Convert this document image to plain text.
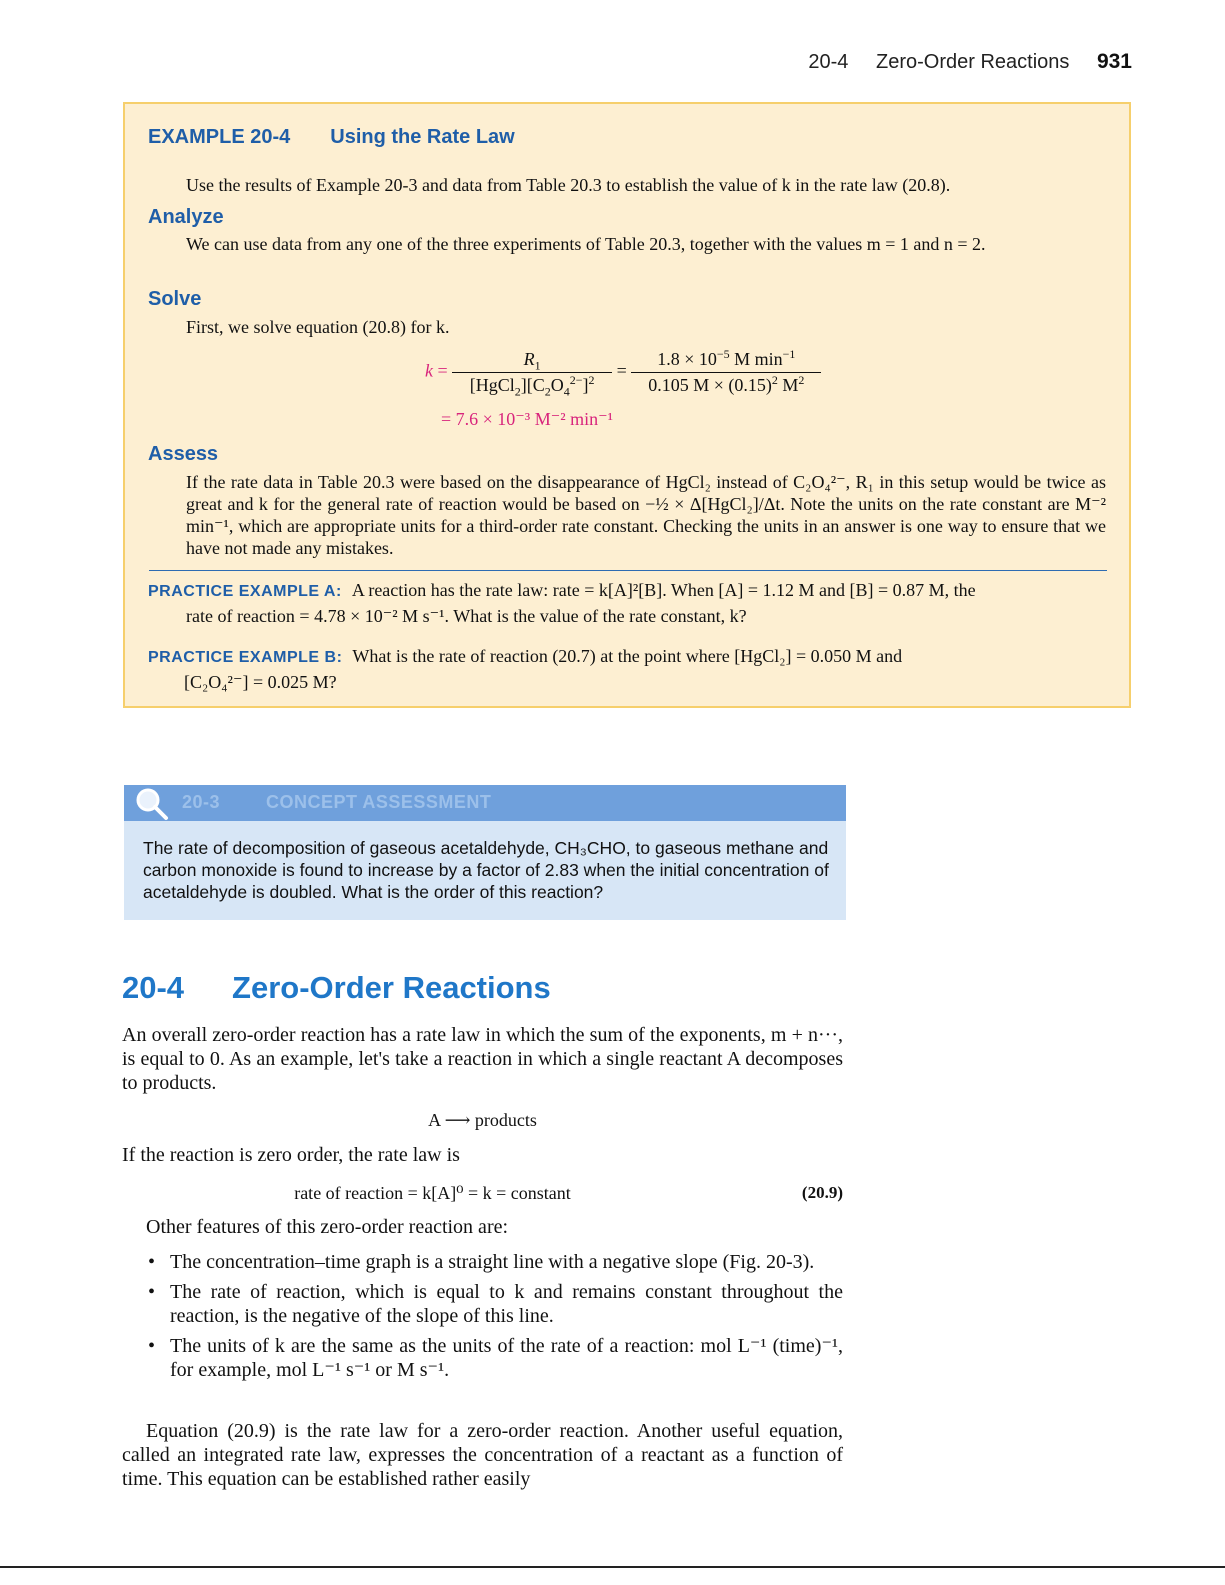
20-4 Zero-Order Reactions 931
EXAMPLE 20-4 Using the Rate Law
Use the results of Example 20-3 and data from Table 20.3 to establish the value of k in the rate law (20.8).
Analyze
We can use data from any one of the three experiments of Table 20.3, together with the values m = 1 and n = 2.
Solve
First, we solve equation (20.8) for k.
$k = \frac{R_1}{[HgCl_2][C_2O_4^{2-}]^2} = \frac{1.8 \times 10^{-5} M \min^{-1}}{0.105 M \times (0.15)^2 M^2}$
= 7.6 × 10⁻³ M⁻² min⁻¹
Assess
If the rate data in Table 20.3 were based on the disappearance of HgCl₂ instead of C₂O₄²⁻, R₁ in this setup would be twice as great and k for the general rate of reaction would be based on −½ × Δ[HgCl₂]/Δt. Note the units on the rate constant are M⁻² min⁻¹, which are appropriate units for a third-order rate constant. Checking the units in an answer is one way to ensure that we have not made any mistakes.
PRACTICE EXAMPLE A: A reaction has the rate law: rate = k[A]²[B]. When [A] = 1.12 M and [B] = 0.87 M, the
rate of reaction = 4.78 × 10⁻² M s⁻¹. What is the value of the rate constant, k?
PRACTICE EXAMPLE B: What is the rate of reaction (20.7) at the point where [HgCl₂] = 0.050 M and
[C₂O₄²⁻] = 0.025 M?
20-3	CONCEPT ASSESSMENT
The rate of decomposition of gaseous acetaldehyde, CH₃CHO, to gaseous methane and carbon monoxide is found to increase by a factor of 2.83 when the initial concentration of acetaldehyde is doubled. What is the order of this reaction?
20-4 Zero-Order Reactions
An overall zero-order reaction has a rate law in which the sum of the exponents, m + n···, is equal to 0. As an example, let's take a reaction in which a single reactant A decomposes to products.
A ⟶ products
If the reaction is zero order, the rate law is
rate of reaction = k[A]⁰ = k = constant	(20.9)
Other features of this zero-order reaction are:
• The concentration–time graph is a straight line with a negative slope (Fig. 20-3).
• The rate of reaction, which is equal to k and remains constant throughout the reaction, is the negative of the slope of this line.
• The units of k are the same as the units of the rate of a reaction: mol L⁻¹ (time)⁻¹, for example, mol L⁻¹ s⁻¹ or M s⁻¹.
Equation (20.9) is the rate law for a zero-order reaction. Another useful equation, called an integrated rate law, expresses the concentration of a reactant as a function of time. This equation can be established rather easily
